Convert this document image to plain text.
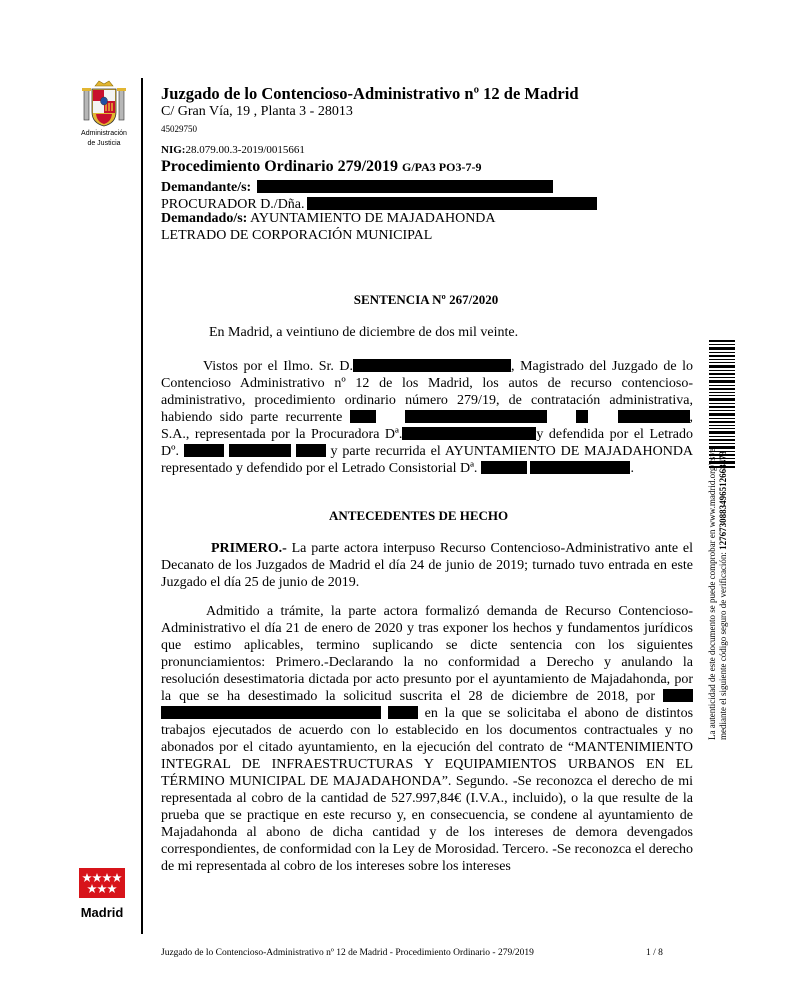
Administración
de Justicia
Madrid
Juzgado de lo Contencioso-Administrativo nº 12 de Madrid
C/ Gran Vía, 19 , Planta 3 - 28013
45029750
NIG:28.079.00.3-2019/0015661
Procedimiento Ordinario 279/2019 G/PA3 PO3-7-9
Demandante/s:
PROCURADOR D./Dña.
Demandado/s: AYUNTAMIENTO DE MAJADAHONDA
LETRADO DE CORPORACIÓN MUNICIPAL
SENTENCIA Nº 267/2020
En Madrid, a veintiuno de diciembre de dos mil veinte.
Vistos por el Ilmo. Sr. D.	, Magistrado del Juzgado de lo Contencioso Administrativo nº 12 de los Madrid, los autos de recurso contencioso-administrativo, procedimiento ordinario número 279/19, de contratación administrativa, habiendo sido parte recurrente	, S.A., representada por la Procuradora Dª.	y defendida por el Letrado Dº.	y parte recurrida el AYUNTAMIENTO DE MAJADAHONDA representado y defendido por el Letrado Consistorial Dª.	.
ANTECEDENTES DE HECHO
PRIMERO.- La parte actora interpuso Recurso Contencioso-Administrativo ante el Decanato de los Juzgados de Madrid el día 24 de junio de 2019; turnado tuvo entrada en este Juzgado el día 25 de junio de 2019.
Admitido a trámite, la parte actora formalizó demanda de Recurso Contencioso-Administrativo el día 21 de enero de 2020 y tras exponer los hechos y fundamentos jurídicos que estimo aplicables, termino suplicando se dicte sentencia con los siguientes pronunciamientos: Primero.-Declarando la no conformidad a Derecho y anulando la resolución desestimatoria dictada por acto presunto por el ayuntamiento de Majadahonda, por la que se ha desestimado la solicitud suscrita el 28 de diciembre de 2018, por    en la que se solicitaba el abono de distintos trabajos ejecutados de acuerdo con lo establecido en los documentos contractuales y no abonados por el citado ayuntamiento, en la ejecución del contrato de “MANTENIMIENTO INTEGRAL DE INFRAESTRUCTURAS Y EQUIPAMIENTOS URBANOS EN EL TÉRMINO MUNICIPAL DE MAJADAHONDA”. Segundo. -Se reconozca el derecho de mi representada al cobro de la cantidad de 527.997,84€ (I.V.A., incluido), o la que resulte de la prueba que se practique en este recurso y, en consecuencia, se condene al ayuntamiento de Majadahonda al abono de dicha cantidad y de los intereses de demora devengados correspondientes, de conformidad con la Ley de Morosidad. Tercero. -Se reconozca el derecho de mi representada al cobro de los intereses sobre los intereses
La autenticidad de este documento se puede comprobar en www.madrid.org/csve mediante el siguiente código seguro de verificación: 1276730883496512668473
Juzgado de lo Contencioso-Administrativo nº 12 de Madrid - Procedimiento Ordinario - 279/2019	1 / 8
